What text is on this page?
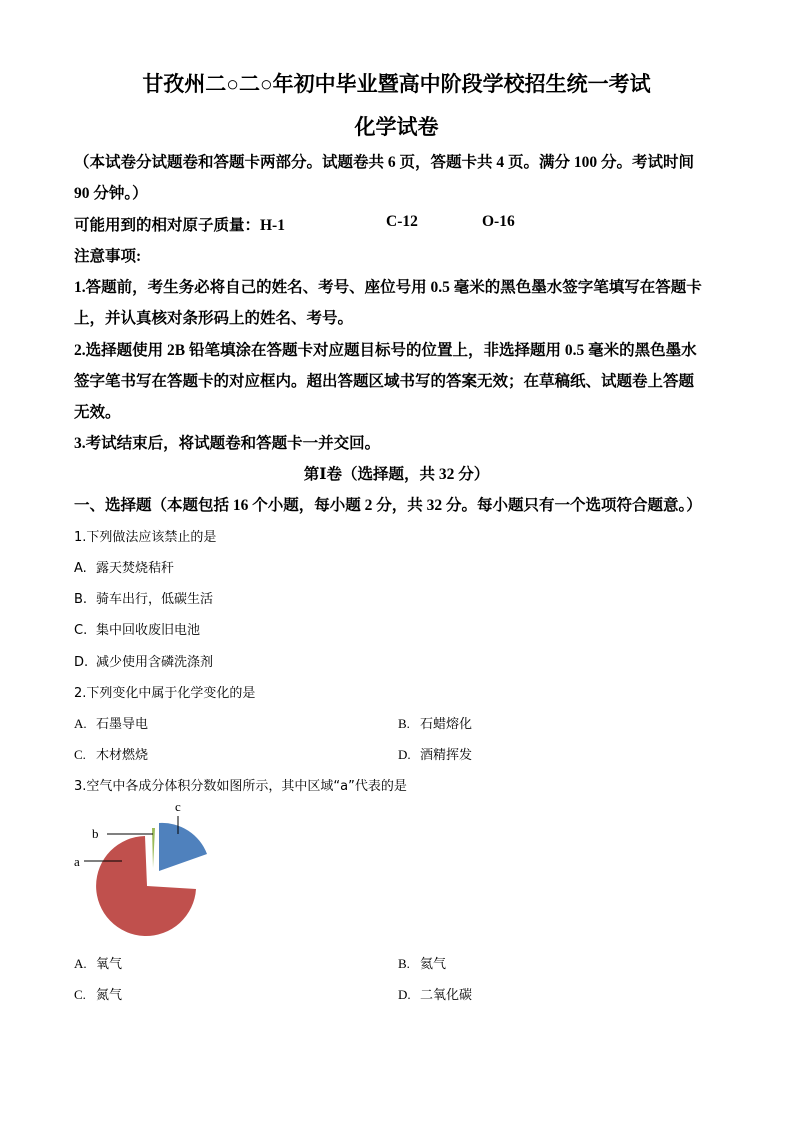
甘孜州二○二○年初中毕业暨高中阶段学校招生统一考试
化学试卷
（本试卷分试题卷和答题卡两部分。试题卷共 6 页，答题卡共 4 页。满分 100 分。考试时间
90 分钟。）
可能用到的相对原子质量：H-1	C-12	O-16
注意事项:
1.答题前，考生务必将自己的姓名、考号、座位号用 0.5 毫米的黑色墨水签字笔填写在答题卡
上，并认真核对条形码上的姓名、考号。
2.选择题使用 2B 铅笔填涂在答题卡对应题目标号的位置上，非选择题用 0.5 毫米的黑色墨水
签字笔书写在答题卡的对应框内。超出答题区域书写的答案无效；在草稿纸、试题卷上答题
无效。
3.考试结束后，将试题卷和答题卡一并交回。
第Ⅰ卷（选择题，共 32 分）
一、选择题（本题包括 16 个小题，每小题 2 分，共 32 分。每小题只有一个选项符合题意。）
1.下列做法应该禁止的是
A. 露天焚烧秸秆
B. 骑车出行，低碳生活
C. 集中回收废旧电池
D. 减少使用含磷洗涤剂
2.下列变化中属于化学变化的是
A. 石墨导电	B. 石蜡熔化
C. 木材燃烧	D. 酒精挥发
3.空气中各成分体积分数如图所示，其中区域“a”代表的是
b
a
c
A. 氧气	B. 氦气
C. 氮气	D. 二氧化碳
